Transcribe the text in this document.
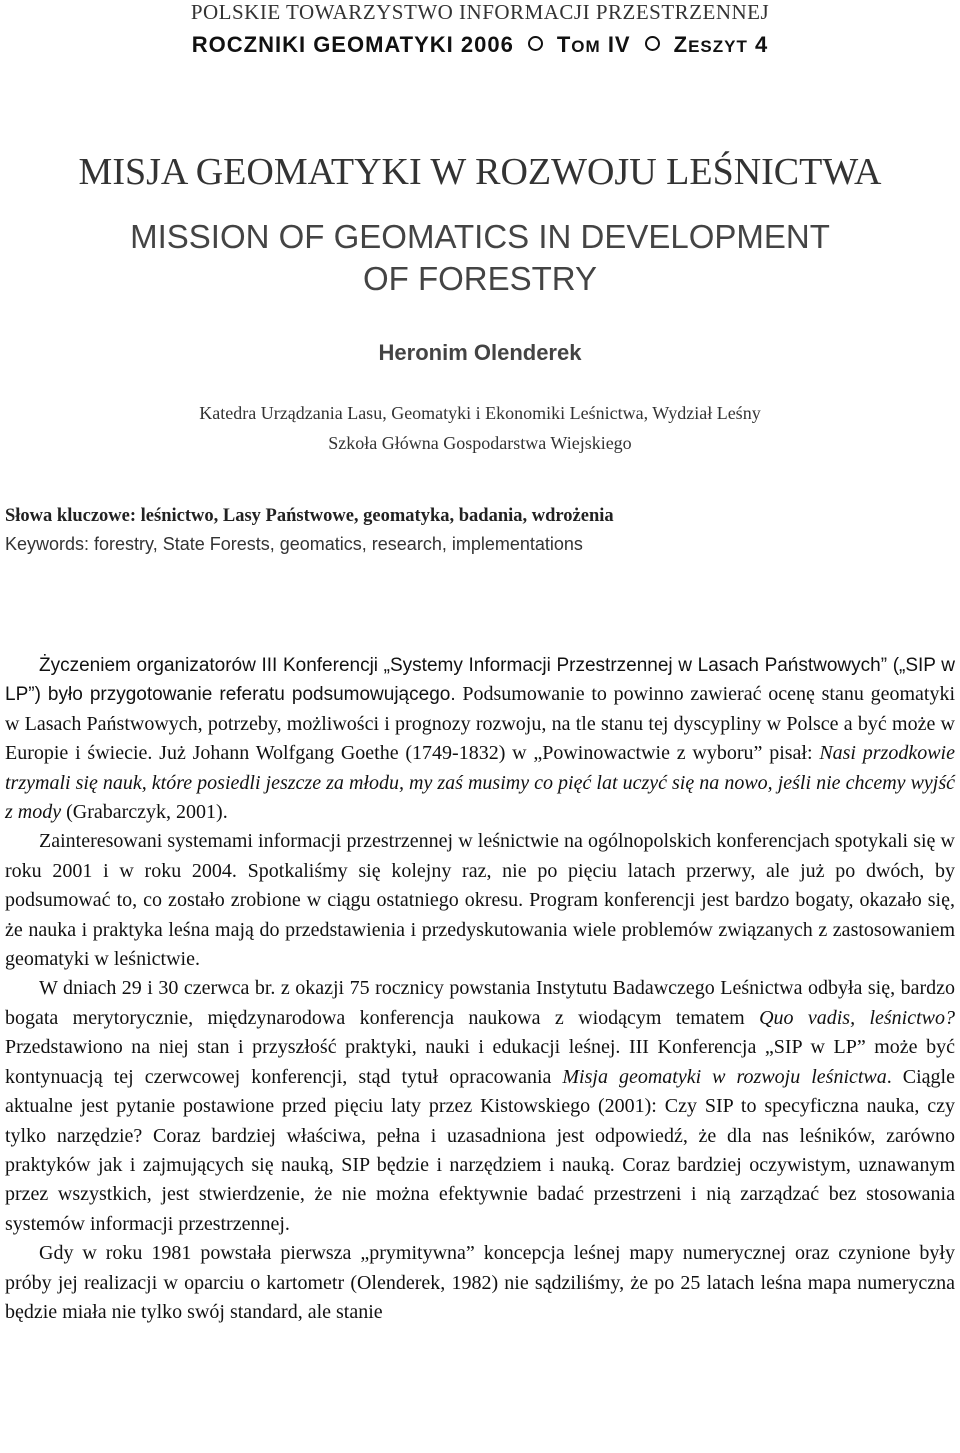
POLSKIE TOWARZYSTWO INFORMACJI PRZESTRZENNEJ
ROCZNIKI GEOMATYKI 2006 TOM IV ZESZYT 4
MISJA GEOMATYKI W ROZWOJU LEŚNICTWA
MISSION OF GEOMATICS IN DEVELOPMENT
OF FORESTRY
Heronim Olenderek
Katedra Urządzania Lasu, Geomatyki i Ekonomiki Leśnictwa, Wydział Leśny
Szkoła Główna Gospodarstwa Wiejskiego
Słowa kluczowe: leśnictwo, Lasy Państwowe, geomatyka, badania, wdrożenia
Keywords: forestry, State Forests, geomatics, research, implementations

Życzeniem organizatorów III Konferencji „Systemy Informacji Przestrzennej w Lasach Państwowych” („SIP w LP”) było przygotowanie referatu podsumowującego. Podsumowanie to powinno zawierać ocenę stanu geomatyki w Lasach Państwowych, potrzeby, możliwości i prognozy rozwoju, na tle stanu tej dyscypliny w Polsce a być może w Europie i świecie. Już Johann Wolfgang Goethe (1749-1832) w „Powinowactwie z wyboru” pisał: Nasi przodkowie trzymali się nauk, które posiedli jeszcze za młodu, my zaś musimy co pięć lat uczyć się na nowo, jeśli nie chcemy wyjść z mody (Grabarczyk, 2001).

Zainteresowani systemami informacji przestrzennej w leśnictwie na ogólnopolskich konferencjach spotykali się w roku 2001 i w roku 2004. Spotkaliśmy się kolejny raz, nie po pięciu latach przerwy, ale już po dwóch, by podsumować to, co zostało zrobione w ciągu ostatniego okresu. Program konferencji jest bardzo bogaty, okazało się, że nauka i praktyka leśna mają do przedstawienia i przedyskutowania wiele problemów związanych z zastosowaniem geomatyki w leśnictwie.

W dniach 29 i 30 czerwca br. z okazji 75 rocznicy powstania Instytutu Badawczego Leśnictwa odbyła się, bardzo bogata merytorycznie, międzynarodowa konferencja naukowa z wiodącym tematem Quo vadis, leśnictwo? Przedstawiono na niej stan i przyszłość praktyki, nauki i edukacji leśnej. III Konferencja „SIP w LP” może być kontynuacją tej czerwcowej konferencji, stąd tytuł opracowania Misja geomatyki w rozwoju leśnictwa. Ciągle aktualne jest pytanie postawione przed pięciu laty przez Kistowskiego (2001): Czy SIP to specyficzna nauka, czy tylko narzędzie? Coraz bardziej właściwa, pełna i uzasadniona jest odpowiedź, że dla nas leśników, zarówno praktyków jak i zajmujących się nauką, SIP będzie i narzędziem i nauką. Coraz bardziej oczywistym, uznawanym przez wszystkich, jest stwierdzenie, że nie można efektywnie badać przestrzeni i nią zarządzać bez stosowania systemów informacji przestrzennej.

Gdy w roku 1981 powstała pierwsza „prymitywna” koncepcja leśnej mapy numerycznej oraz czynione były próby jej realizacji w oparciu o kartometr (Olenderek, 1982) nie sądziliśmy, że po 25 latach leśna mapa numeryczna będzie miała nie tylko swój standard, ale stanie
